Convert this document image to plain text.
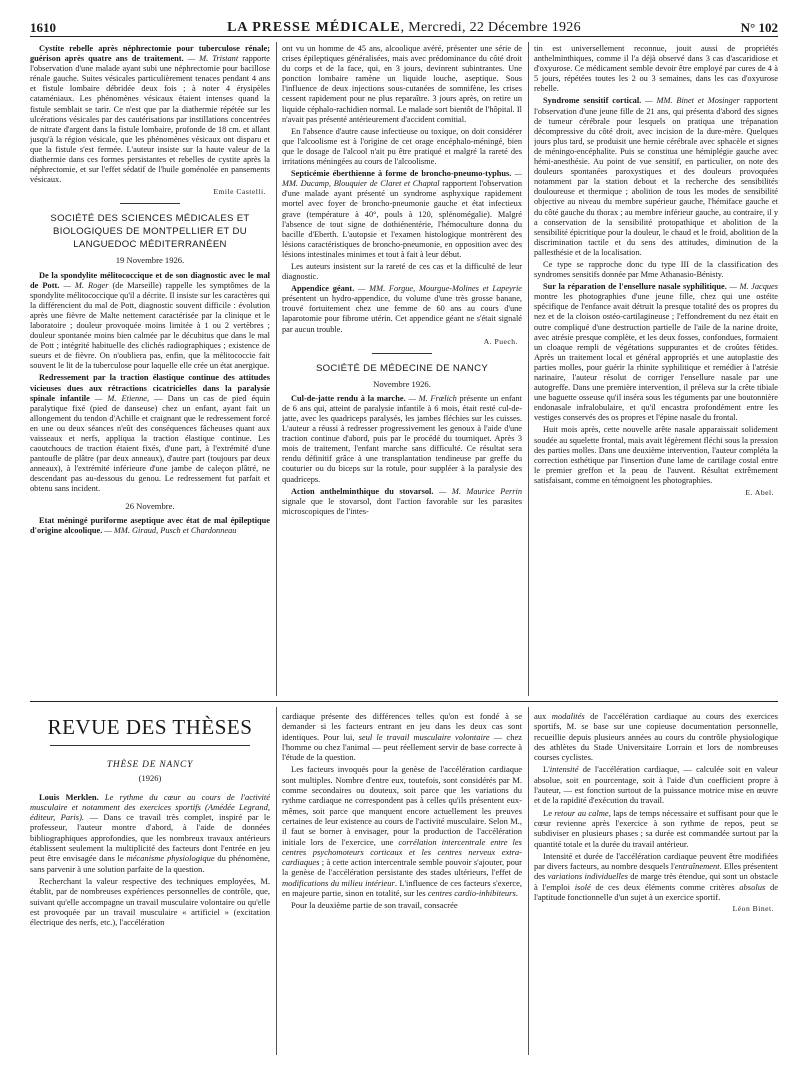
1610	LA PRESSE MÉDICALE, Mercredi, 22 Décembre 1926	N° 102

Cystite rebelle après néphrectomie pour tuberculose rénale; guérison après quatre ans de traitement. — M. Tristant rapporte l'observation d'une malade ayant subi une néphrectomie pour bacillose rénale gauche. Suites vésicales particulièrement tenaces pendant 4 ans et fistule lombaire débridée deux fois ; à noter 4 érysipèles cataméniaux. Les phénomènes vésicaux étaient intenses quand la fistule semblait se tarir. Ce n'est que par la diathermie répétée sur les ulcérations vésicales par des cautérisations par instillations concentrées de nitrate d'argent dans la fistule lombaire, profonde de 18 cm. et allant jusqu'à la région vésicale, que les phénomènes vésicaux ont disparu et que la fistule s'est fermée. L'auteur insiste sur la haute valeur de la diathermie dans ces formes persistantes et rebelles de cystite après la néphrectomie, et sur l'effet sédatif de l'huile goménolée en pansements vésicaux.

Emile Castelli.
SOCIÉTÉ DES SCIENCES MÉDICALES ET BIOLOGIQUES DE MONTPELLIER ET DU LANGUEDOC MÉDITERRANÉEN
19 Novembre 1926.

De la spondylite mélitococcique et de son diagnostic avec le mal de Pott. — M. Roger (de Marseille) rappelle les symptômes de la spondylite mélitococcique qu'il a décrite. Il insiste sur les caractères qui la différencient du mal de Pott, diagnostic souvent difficile : évolution après une fièvre de Malte nettement caractérisée par la clinique et le laboratoire ; douleur provoquée moins limitée à 1 ou 2 vertèbres ; douleur spontanée moins bien calmée par le décubitus que dans le mal de Pott ; intégrité habituelle des clichés radiographiques ; existence de sueurs et de fièvre. On n'oubliera pas, enfin, que la mélitococcie fait souvent le lit de la tuberculose pour laquelle elle crée un état anergique.

Redressement par la traction élastique continue des attitudes vicieuses dues aux rétractions cicatricielles dans la paralysie spinale infantile — M. Etienne, — Dans un cas de pied équin paralytique fixé (pied de danseuse) chez un enfant, ayant fait un allongement du tendon d'Achille et craignant que le redressement forcé en une ou deux séances n'eût des conséquences fâcheuses quant aux vaisseaux et nerfs, appliqua la traction élastique continue. Les caoutchoucs de traction étaient fixés, d'une part, à l'extrémité d'une pantoufle de plâtre (par deux anneaux), d'autre part (toujours par deux anneaux), à l'extrémité inférieure d'une jambe de caleçon plâtré, ne descendant pas au-dessous du genou. Le redressement fut parfait et obtenu sans incident.

26 Novembre.

Etat méningé puriforme aseptique avec état de mal épileptique d'origine alcoolique. — MM. Giraud, Pusch et Chardonneau

ont vu un homme de 45 ans, alcoolique avéré, présenter une série de crises épileptiques généralisées, mais avec prédominance du côté droit du corps et de la face, qui, en 3 jours, devinrent subintrantes. Une ponction lombaire ramène un liquide louche, aseptique. Sous l'influence de deux injections sous-cutanées de somnifène, les crises cessent rapidement pour ne plus reparaître. 3 jours après, on retire un liquide céphalo-rachidien normal. Le malade sort bientôt de l'hôpital. Il n'avait pas présenté antérieurement d'accident comitial.

En l'absence d'autre cause infectieuse ou toxique, on doit considérer que l'alcoolisme est à l'origine de cet orage encéphalo-méningé, bien que le dosage de l'alcool n'ait pu être pratiqué et malgré la rareté des irritations méningées au cours de l'alcoolisme.

Septicémie éberthienne à forme de broncho-pneumo-typhus. — MM. Ducamp, Blouquier de Claret et Chaptal rapportent l'observation d'une malade ayant présenté un syndrome asphyxique rapidement mortel avec foyer de broncho-pneumonie gauche et état infectieux grave (température à 40°, pouls à 120, splénomégalie). Malgré l'absence de tout signe de dothiénentérie, l'hémoculture donna du bacille d'Eberth. L'autopsie et l'examen histologique montrèrent des lésions caractéristiques de broncho-pneumonie, en opposition avec des lésions intestinales minimes et tout à fait à leur début.

Les auteurs insistent sur la rareté de ces cas et la difficulté de leur diagnostic.

Appendice géant. — MM. Forgue, Mourgue-Molines et Lapeyrie présentent un hydro-appendice, du volume d'une très grosse banane, trouvé fortuitement chez une femme de 60 ans au cours d'une laparotomie pour fibrome utérin. Cet appendice géant ne s'était signalé par aucun trouble.

A. Puech.
SOCIÉTÉ DE MÉDECINE DE NANCY
Novembre 1926.

Cul-de-jatte rendu à la marche. — M. Frœlich présente un enfant de 6 ans qui, atteint de paralysie infantile à 6 mois, était resté cul-de-jatte, avec les quadriceps paralysés, les jambes fléchies sur les cuisses. L'auteur a réussi à redresser progressivement les genoux à l'aide d'une traction continue d'abord, puis par le procédé du tourniquet. Après 3 mois de traitement, l'enfant marche sans difficulté. Ce résultat sera rendu définitif grâce à une transplantation tendineuse par greffe du couturier ou du biceps sur la rotule, pour suppléer à la paralysie des quadriceps.

Action anthelminthique du stovarsol. — M. Maurice Perrin signale que le stovarsol, dont l'action favorable sur les parasites microscopiques de l'intes-

tin est universellement reconnue, jouit aussi de propriétés anthelminthiques, comme il l'a déjà observé dans 3 cas d'ascaridiose et d'oxyurose. Ce médicament semble devoir être employé par cures de 4 à 5 jours, répétées toutes les 2 ou 3 semaines, dans les cas d'oxyurose rebelle.

Syndrome sensitif cortical. — MM. Binet et Mosinger rapportent l'observation d'une jeune fille de 21 ans, qui présenta d'abord des signes de tumeur cérébrale pour lesquels on pratiqua une trépanation décompressive du côté droit, avec incision de la dure-mère. Quelques jours plus tard, se produisit une hernie cérébrale avec sphacèle et signes de méningo-encéphalite. Puis se constitua une hémiplégie gauche avec hémi-anesthésie. Au point de vue sensitif, en particulier, on note des douleurs spontanées paroxystiques et des douleurs provoquées notamment par la station debout et la recherche des sensibilités douloureuse et thermique ; abolition de tous les modes de sensibilité objective au niveau du membre supérieur gauche, l'hémiface gauche et du côté gauche du thorax ; au membre inférieur gauche, au contraire, il y a conservation de la sensibilité protopathique et abolition de la sensibilité épicritique pour la douleur, le chaud et le froid, abolition de la discrimination tactile et du sens des attitudes, diminution de la pallesthésie et de la localisation.

Ce type se rapproche donc du type III de la classification des syndromes sensitifs donnée par Mme Athanasio-Bénisty.

Sur la réparation de l'ensellure nasale syphilitique. — M. Jacques montre les photographies d'une jeune fille, chez qui une ostéite spécifique de l'enfance avait détruit la presque totalité des os propres du nez et de la cloison ostéo-cartilagineuse ; l'effondrement du nez était en outre compliqué d'une destruction partielle de l'aile de la narine droite, avec atrésie presque complète, et les deux fosses, confondues, formaient un cloaque rempli de végétations suppurantes et de croûtes fétides. Après un traitement local et général appropriés et une autoplastie des parties molles, pour guérir la rhinite syphilitique et remédier à l'atrésie narinaire, l'auteur résolut de corriger l'ensellure nasale par une autogreffe. Dans une première intervention, il préleva sur la crête tibiale une baguette osseuse qu'il inséra sous les téguments par une boutonnière endonasale infralobulaire, et qu'il encastra profondément entre les vestiges conservés des os propres et l'épine nasale du frontal.

Huit mois après, cette nouvelle arête nasale apparaissait solidement soudée au squelette frontal, mais avait légèrement fléchi sous la pression des parties molles. Dans une deuxième intervention, l'auteur compléta la correction esthétique par l'insertion d'une lame de cartilage costal entre le premier greffon et la peau de l'auvent. Résultat extrêmement satisfaisant, comme en témoignent les photographies.

E. Abel.
REVUE DES THÈSES
THÈSE DE NANCY
(1926)

Louis Merklen. Le rythme du cœur au cours de l'activité musculaire et notamment des exercices sportifs (Amédée Legrand, éditeur, Paris). — Dans ce travail très complet, inspiré par le professeur, l'auteur montre d'abord, à l'aide de données bibliographiques approfondies, que les nombreux travaux antérieurs établissent seulement la multiplicité des facteurs dont l'entrée en jeu peut être envisagée dans le mécanisme physiologique du phénomène, sans parvenir à une solution parfaite de la question.

Recherchant la valeur respective des techniques employées, M. établit, par de nombreuses expériences personnelles de contrôle, que, suivant qu'elle accompagne un travail musculaire volontaire ou qu'elle est provoquée par un travail musculaire « artificiel » (excitation électrique des nerfs, etc.), l'accélération

cardiaque présente des différences telles qu'on est fondé à se demander si les facteurs entrant en jeu dans les deux cas sont identiques. Pour lui, seul le travail musculaire volontaire — chez l'homme ou chez l'animal — peut réellement servir de base correcte à l'étude de la question.

Les facteurs invoqués pour la genèse de l'accélération cardiaque sont multiples. Nombre d'entre eux, toutefois, sont considérés par M. comme secondaires ou douteux, soit parce que les variations du rythme cardiaque ne correspondent pas à celles qu'ils présentent eux-mêmes, soit parce que manquent encore actuellement les preuves certaines de leur existence au cours de l'activité musculaire. Selon M., il faut se borner à envisager, pour la production de l'accélération initiale lors de l'exercice, une corrélation intercentrale entre les centres psychomoteurs corticaux et les centres nerveux extra-cardiaques ; à cette action intercentrale semble pouvoir s'ajouter, pour la genèse de l'accélération persistante des stades ultérieurs, l'effet de modifications du milieu intérieur. L'influence de ces facteurs s'exerce, en majeure partie, sinon en totalité, sur les centres cardio-inhibiteurs.

Pour la deuxième partie de son travail, consacrée

aux modalités de l'accélération cardiaque au cours des exercices sportifs, M. se base sur une copieuse documentation personnelle, recueillie depuis plusieurs années au cours du contrôle physiologique des athlètes du Stade Universitaire Lorrain et lors de nombreuses courses cyclistes.

L'intensité de l'accélération cardiaque, — calculée soit en valeur absolue, soit en pourcentage, soit à l'aide d'un coefficient propre à l'auteur, — est fonction surtout de la puissance motrice mise en œuvre et de la rapidité d'exécution du travail.

Le retour au calme, laps de temps nécessaire et suffisant pour que le cœur revienne après l'exercice à son rythme de repos, peut se subdiviser en plusieurs phases ; sa durée est commandée surtout par la quantité totale et la durée du travail antérieur.

Intensité et durée de l'accélération cardiaque peuvent être modifiées par divers facteurs, au nombre desquels l'entraînement. Elles présentent des variations individuelles de marge très étendue, qui sont un obstacle à l'emploi isolé de ces deux éléments comme critères absolus de l'aptitude fonctionnelle d'un sujet à un exercice sportif.

Léon Binet.
